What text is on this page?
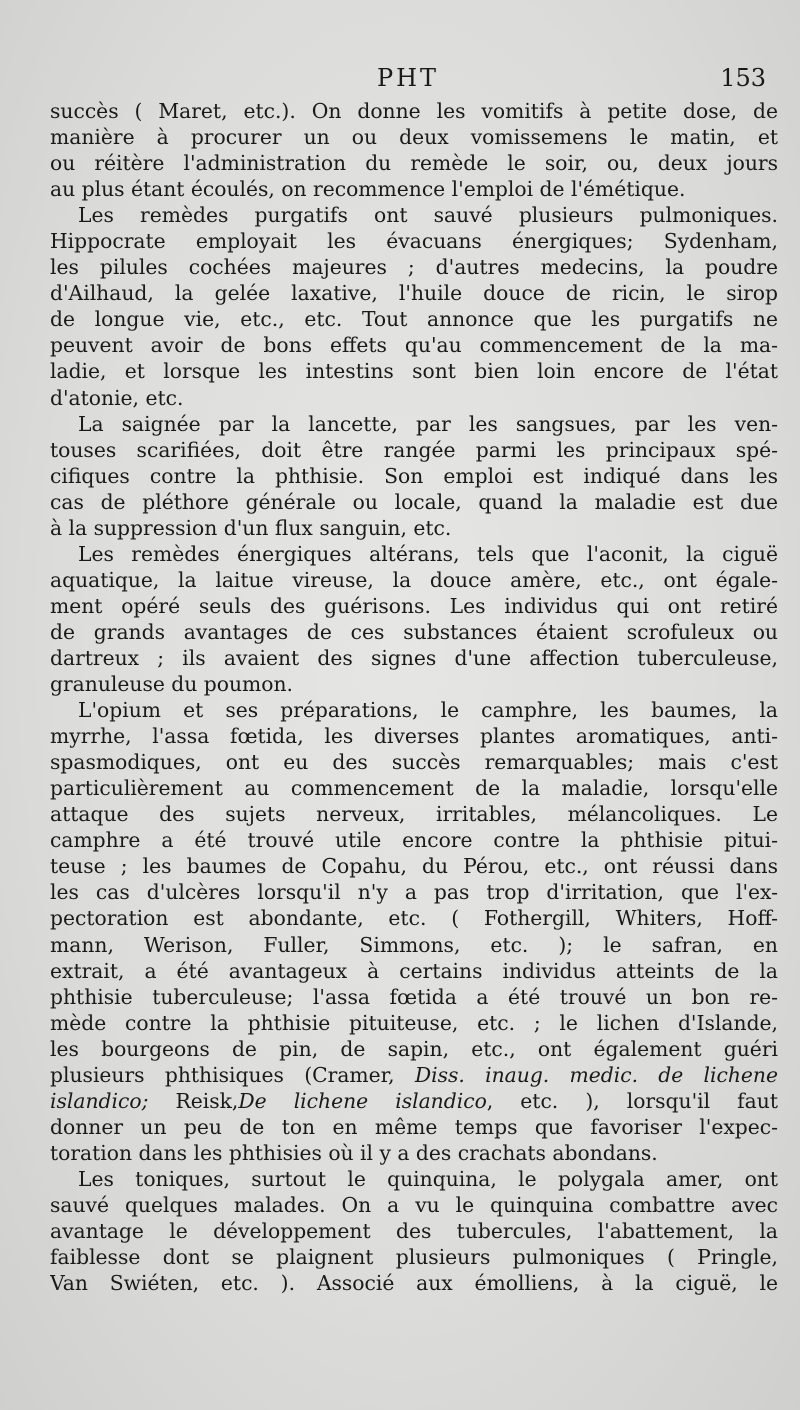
PHT	153
succès ( Maret, etc.). On donne les vomitifs à petite dose, de
manière à procurer un ou deux vomissemens le matin, et
ou réitère l'administration du remède le soir, ou, deux jours
au plus étant écoulés, on recommence l'emploi de l'émétique.
Les remèdes purgatifs ont sauvé plusieurs pulmoniques.
Hippocrate employait les évacuans énergiques; Sydenham,
les pilules cochées majeures ; d'autres medecins, la poudre
d'Ailhaud, la gelée laxative, l'huile douce de ricin, le sirop
de longue vie, etc., etc. Tout annonce que les purgatifs ne
peuvent avoir de bons effets qu'au commencement de la ma-
ladie, et lorsque les intestins sont bien loin encore de l'état
d'atonie, etc.
La saignée par la lancette, par les sangsues, par les ven-
touses scarifiées, doit être rangée parmi les principaux spé-
cifiques contre la phthisie. Son emploi est indiqué dans les
cas de pléthore générale ou locale, quand la maladie est due
à la suppression d'un flux sanguin, etc.
Les remèdes énergiques altérans, tels que l'aconit, la ciguë
aquatique, la laitue vireuse, la douce amère, etc., ont égale-
ment opéré seuls des guérisons. Les individus qui ont retiré
de grands avantages de ces substances étaient scrofuleux ou
dartreux ; ils avaient des signes d'une affection tuberculeuse,
granuleuse du poumon.
L'opium et ses préparations, le camphre, les baumes, la
myrrhe, l'assa fœtida, les diverses plantes aromatiques, anti-
spasmodiques, ont eu des succès remarquables; mais c'est
particulièrement au commencement de la maladie, lorsqu'elle
attaque des sujets nerveux, irritables, mélancoliques. Le
camphre a été trouvé utile encore contre la phthisie pitui-
teuse ; les baumes de Copahu, du Pérou, etc., ont réussi dans
les cas d'ulcères lorsqu'il n'y a pas trop d'irritation, que l'ex-
pectoration est abondante, etc. ( Fothergill, Whiters, Hoff-
mann, Werison, Fuller, Simmons, etc. ); le safran, en
extrait, a été avantageux à certains individus atteints de la
phthisie tuberculeuse; l'assa fœtida a été trouvé un bon re-
mède contre la phthisie pituiteuse, etc. ; le lichen d'Islande,
les bourgeons de pin, de sapin, etc., ont également guéri
plusieurs phthisiques (Cramer, Diss. inaug. medic. de lichene
islandico; Reisk,De lichene islandico, etc. ), lorsqu'il faut
donner un peu de ton en même temps que favoriser l'expec-
toration dans les phthisies où il y a des crachats abondans.
Les toniques, surtout le quinquina, le polygala amer, ont
sauvé quelques malades. On a vu le quinquina combattre avec
avantage le développement des tubercules, l'abattement, la
faiblesse dont se plaignent plusieurs pulmoniques ( Pringle,
Van Swiéten, etc. ). Associé aux émolliens, à la ciguë, le
